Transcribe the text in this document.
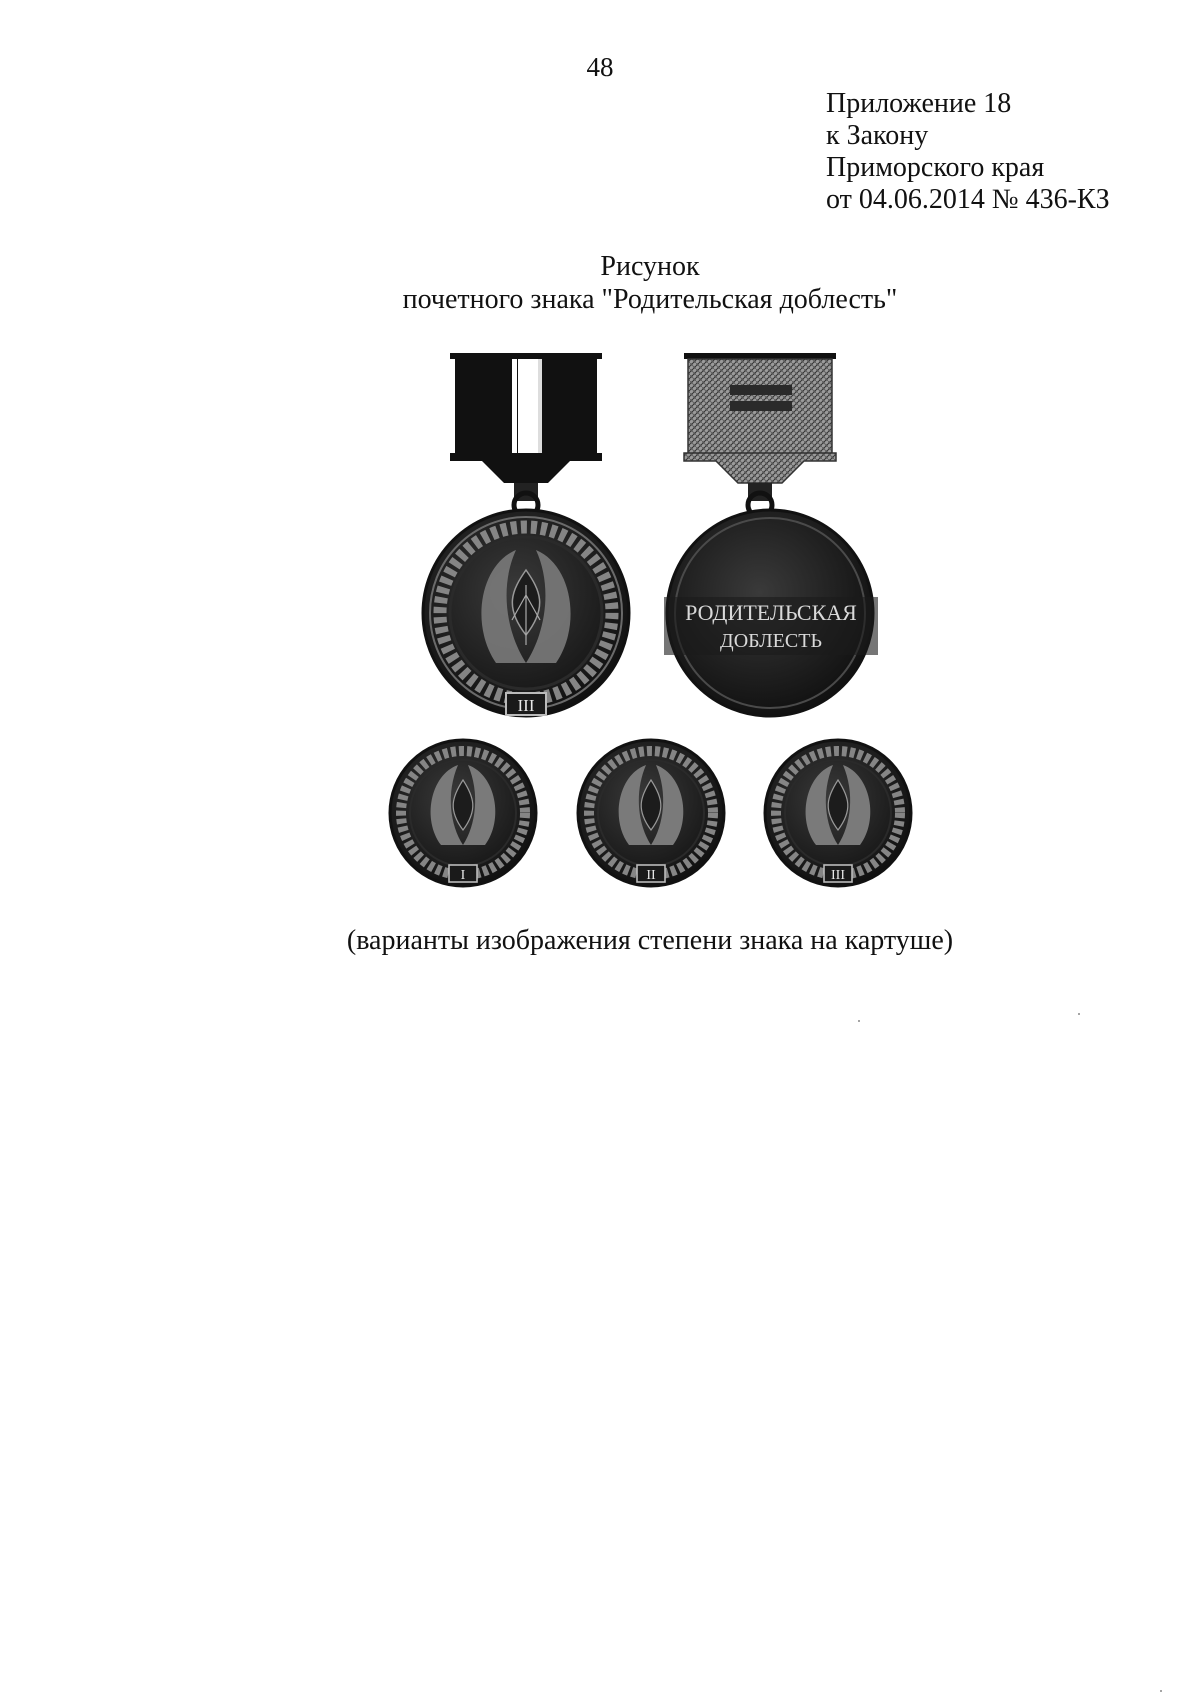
48
Приложение 18
к Закону
Приморского края
от 04.06.2014 № 436-КЗ
Рисунок
почетного знака "Родительская доблесть"
III
РОДИТЕЛЬСКАЯ
ДОБЛЕСТЬ
I	II	III
(варианты изображения степени знака на картуше)
